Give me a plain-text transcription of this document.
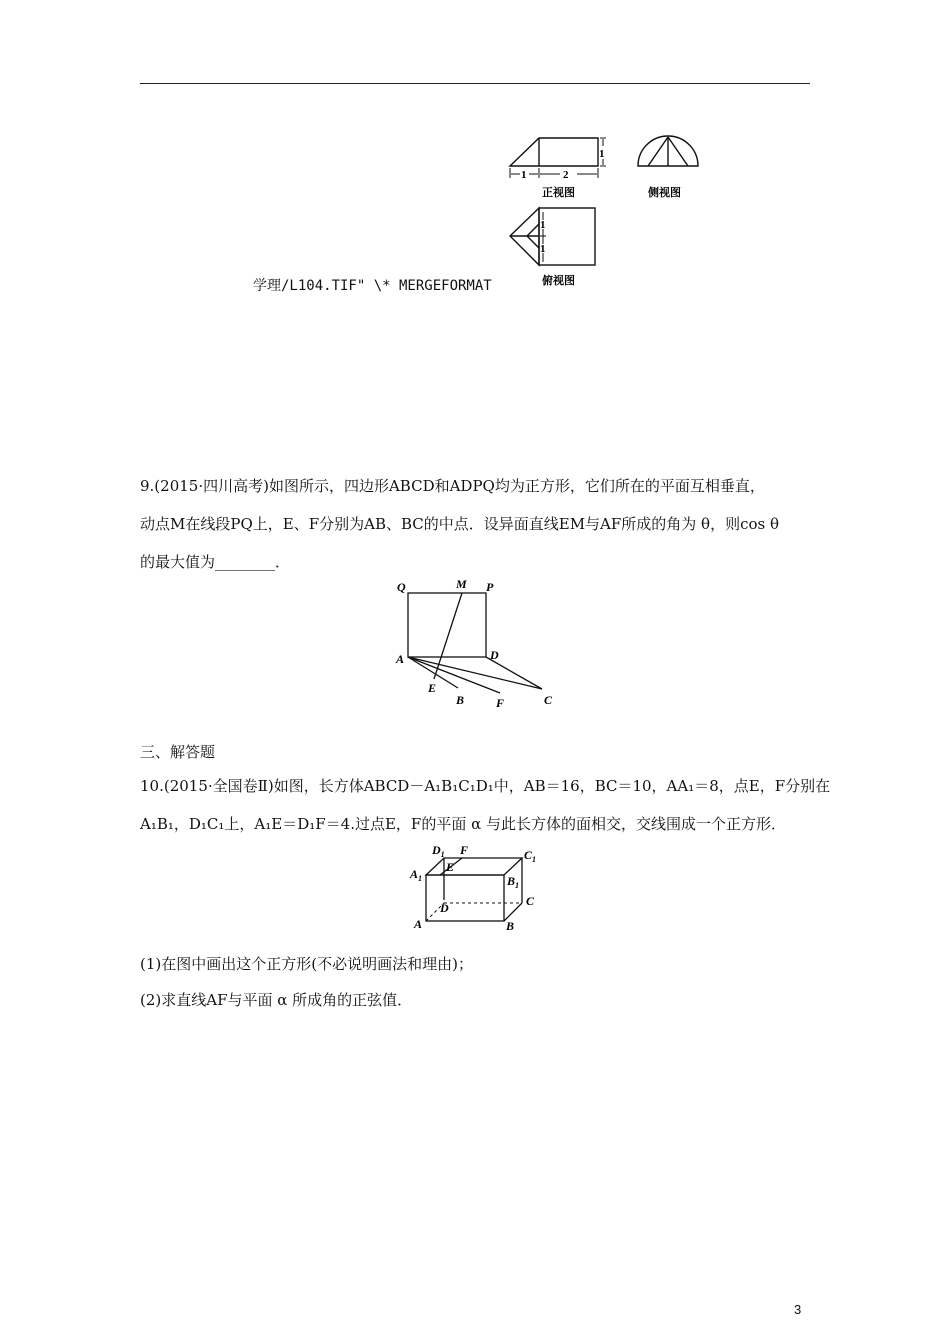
1	2
1
正视图	侧视图
1
1
俯视图
学理/L104.TIF" \* MERGEFORMAT
9.(2015·四川高考)如图所示，四边形ABCD和ADPQ均为正方形，它们所在的平面互相垂直，
动点M在线段PQ上，E、F分别为AB、BC的中点．设异面直线EM与AF所成的角为 θ，则cos θ
的最大值为________．
Q	M P
A	D
E
B	F	C
三、解答题
10.(2015·全国卷Ⅱ)如图，长方体ABCD－A₁B₁C₁D₁中，AB＝16，BC＝10，AA₁＝8，点E，F分别在
A₁B₁，D₁C₁上，A₁E＝D₁F＝4.过点E，F的平面 α 与此长方体的面相交，交线围成一个正方形．
$D_1$ F	$C_1$
E
$A_1$	$B_1$
C
D
A	B
(1)在图中画出这个正方形(不必说明画法和理由)；
(2)求直线AF与平面 α 所成角的正弦值．
3
